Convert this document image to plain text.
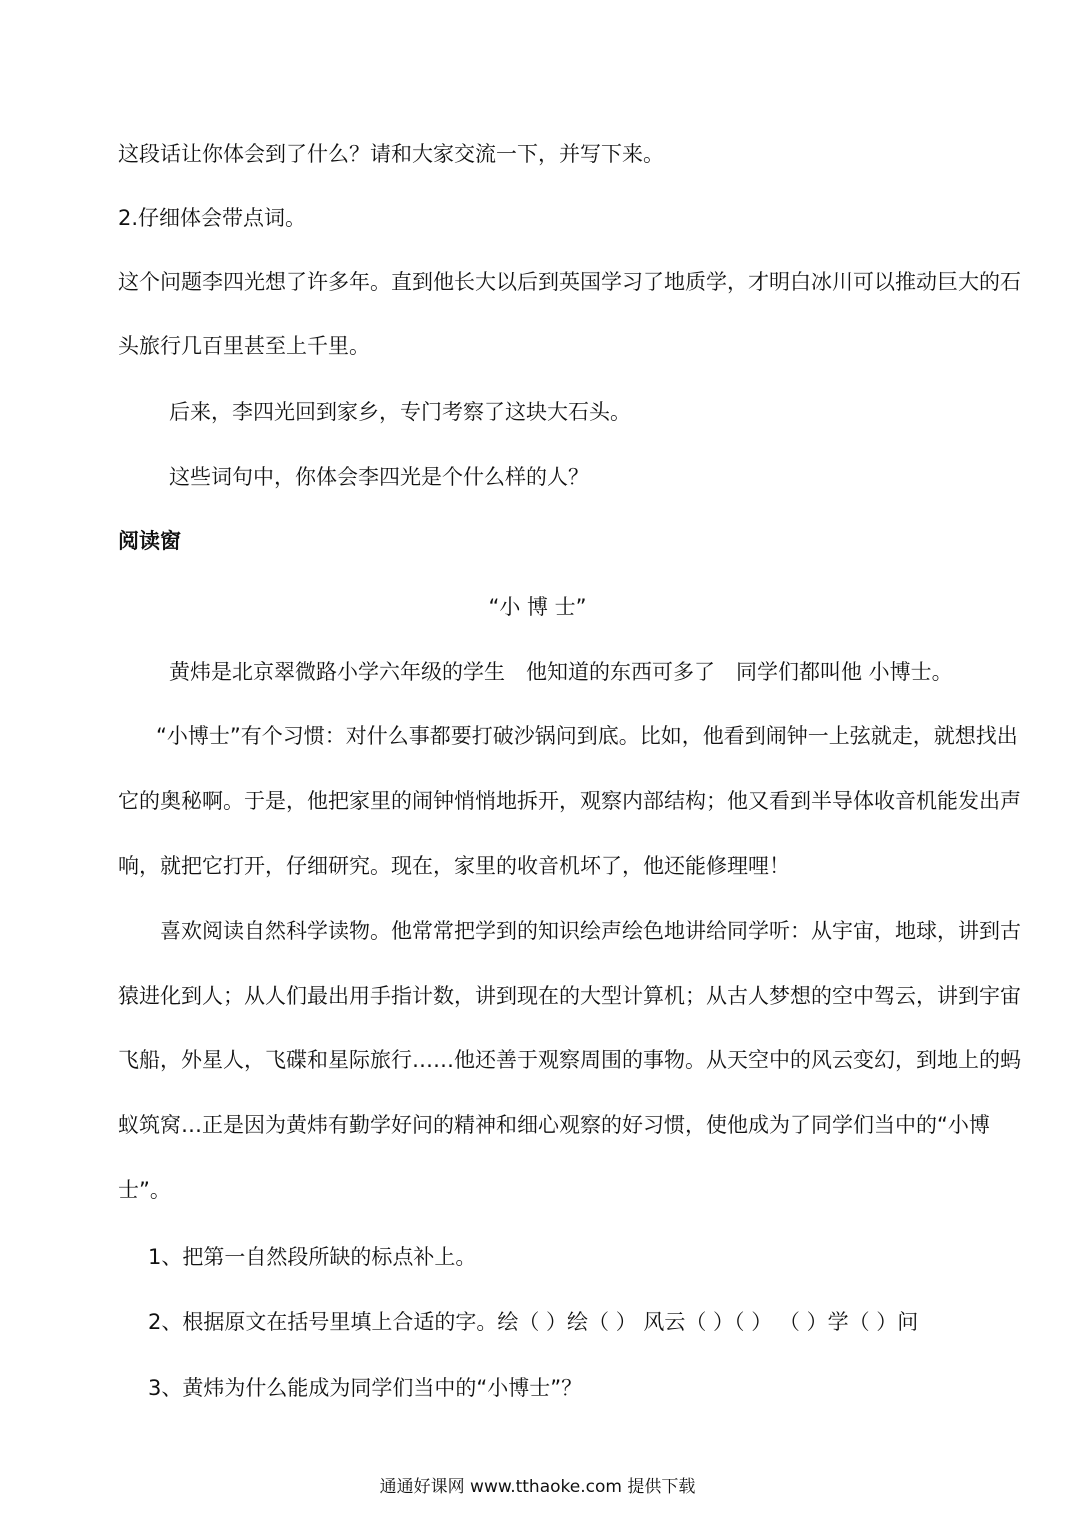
这段话让你体会到了什么？请和大家交流一下，并写下来。
2.仔细体会带点词。
这个问题李四光想了许多年。直到他长大以后到英国学习了地质学，才明白冰川可以推动巨大的石
头旅行几百里甚至上千里。
后来，李四光回到家乡，专门考察了这块大石头。
这些词句中，你体会李四光是个什么样的人？
阅读窗
“小 博 士”
黄炜是北京翠微路小学六年级的学生　他知道的东西可多了　同学们都叫他 小博士。
“小博士”有个习惯：对什么事都要打破沙锅问到底。比如，他看到闹钟一上弦就走，就想找出
它的奥秘啊。于是，他把家里的闹钟悄悄地拆开，观察内部结构；他又看到半导体收音机能发出声
响，就把它打开，仔细研究。现在，家里的收音机坏了，他还能修理哩！
喜欢阅读自然科学读物。他常常把学到的知识绘声绘色地讲给同学听：从宇宙，地球，讲到古
猿进化到人；从人们最出用手指计数，讲到现在的大型计算机；从古人梦想的空中驾云，讲到宇宙
飞船，外星人，飞碟和星际旅行……他还善于观察周围的事物。从天空中的风云变幻，到地上的蚂
蚁筑窝…正是因为黄炜有勤学好问的精神和细心观察的好习惯，使他成为了同学们当中的“小博
士”。
1、把第一自然段所缺的标点补上。
2、根据原文在括号里填上合适的字。绘（ ）绘（ ） 风云（ ）（ ） （ ）学（ ）问
3、黄炜为什么能成为同学们当中的“小博士”？
通通好课网 www.tthaoke.com 提供下载
